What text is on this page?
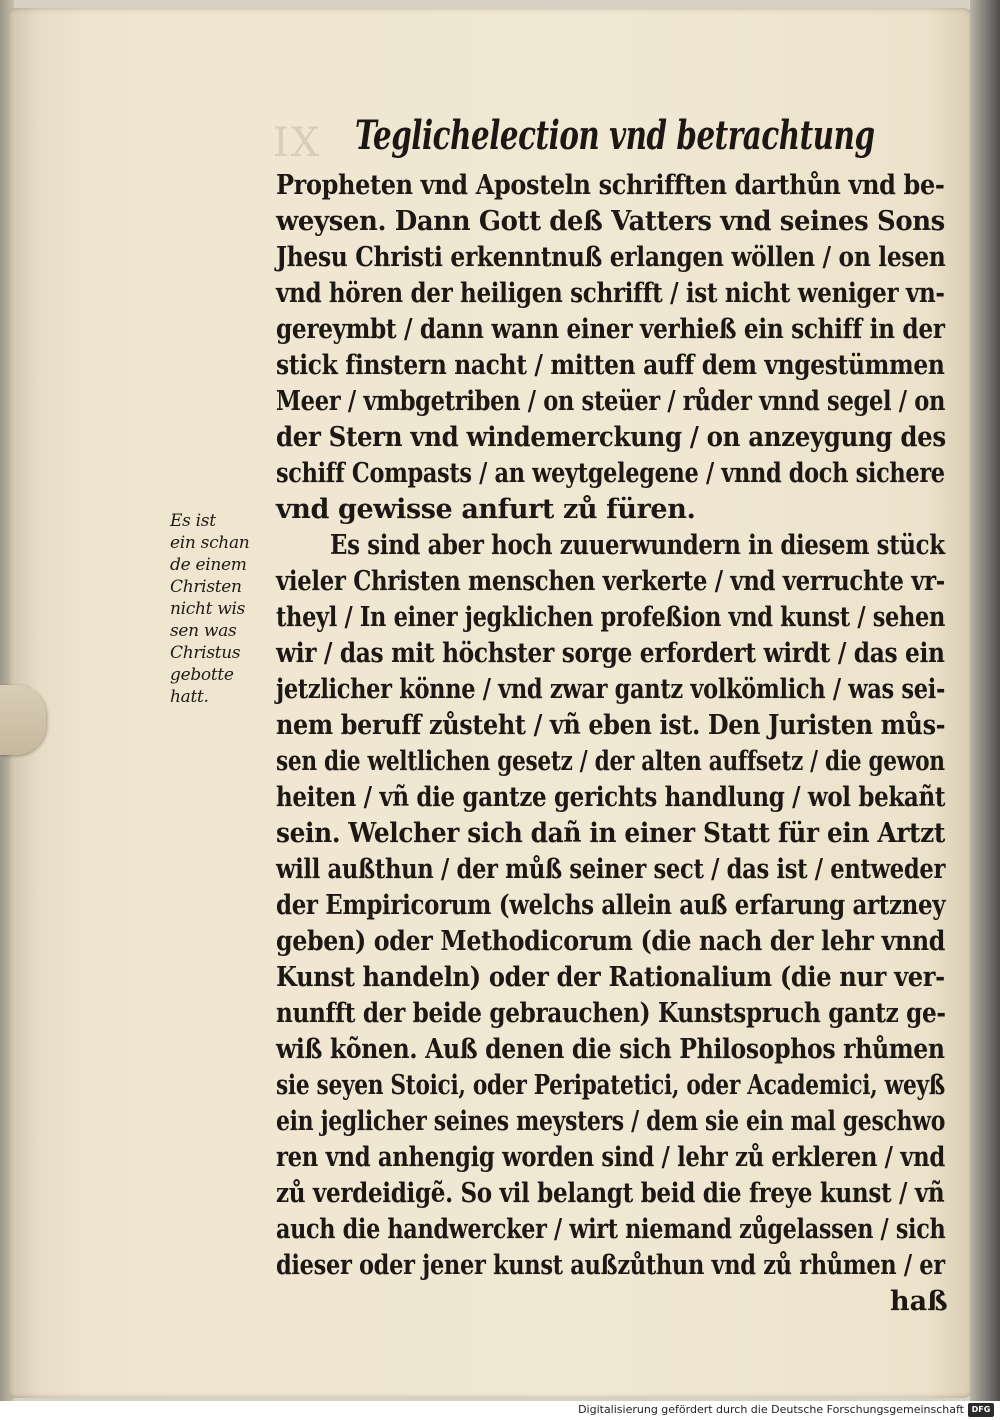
IX Teglichelection vnd betrachtung
Propheten vnd Aposteln schrifften darthůn vnd be-
weysen. Dann Gott deß Vatters vnd seines Sons
Jhesu Christi erkenntnuß erlangen wöllen / on lesen
vnd hören der heiligen schrifft / ist nicht weniger vn-
gereymbt / dann wann einer verhieß ein schiff in der
stick finstern nacht / mitten auff dem vngestümmen
Meer / vmbgetriben / on steüer / růder vnnd segel / on
der Stern vnd windemerckung / on anzeygung des
schiff Compasts / an weytgelegene / vnnd doch sichere
vnd gewisse anfurt zů füren.
Es sind aber hoch zuuerwundern in diesem stück
vieler Christen menschen verkerte / vnd verruchte vr-
theyl / In einer jegklichen profeßion vnd kunst / sehen
wir / das mit höchster sorge erfordert wirdt / das ein
jetzlicher könne / vnd zwar gantz volkömlich / was sei-
nem beruff zůsteht / vñ eben ist. Den Juristen můs-
sen die weltlichen gesetz / der alten auffsetz / die gewon
heiten / vñ die gantze gerichts handlung / wol bekañt
sein. Welcher sich dañ in einer Statt für ein Artzt
will außthun / der můß seiner sect / das ist / entweder
der Empiricorum (welchs allein auß erfarung artzney
geben) oder Methodicorum (die nach der lehr vnnd
Kunst handeln) oder der Rationalium (die nur ver-
nunfft der beide gebrauchen) Kunstspruch gantz ge-
wiß kõnen. Auß denen die sich Philosophos rhůmen
sie seyen Stoici, oder Peripatetici, oder Academici, weyß
ein jeglicher seines meysters / dem sie ein mal geschwo
ren vnd anhengig worden sind / lehr zů erkleren / vnd
zů verdeidigẽ. So vil belangt beid die freye kunst / vñ
auch die handwercker / wirt niemand zůgelassen / sich
dieser oder jener kunst außzůthun vnd zů rhůmen / er
haß
Es ist
ein schan
de einem
Christen
nicht wis
sen was
Christus
gebotte
hatt.
Digitalisierung gefördert durch die Deutsche Forschungsgemeinschaft DFG
